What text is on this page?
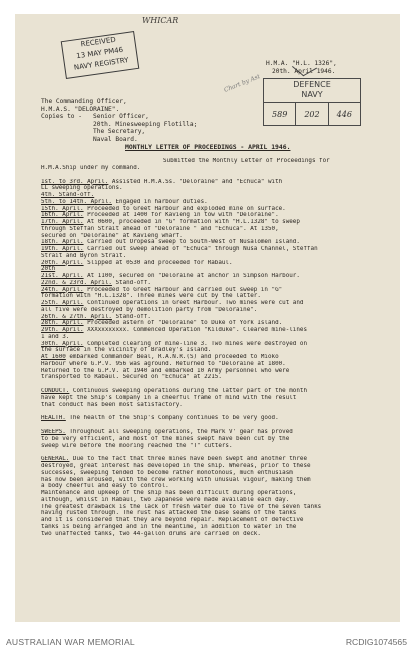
WHICAR
RECEIVED
13 MAY PM46
NAVY REGISTRY	H.M.A. "H.L. 1326",
20th. April 1946.
Chart by Ast	DEFENCE
NAVY
589	202	446
The Commanding Officer,
H.M.A.S. "DELORAINE".
Copies to -	Senior Officer,
20th. Minesweeping Flotilla;
The Secretary,
Naval Board.
MONTHLY LETTER OF PROCEEDINGS - APRIL 1946.

Submitted the Monthly Letter of Proceedings for

H.M.A.Ship under my command.

1st. to 3rd. April. Assisted H.M.A.Ss. "Deloraine" and "Echuca" with

LL sweeping operations.

4th. Stand-off.

5th. to 14th. April. Engaged in harbour duties.

15th. April. Proceeded to Greet Harbour and exploded mine on surface.

16th. April. Proceeded at 1400 for Kavieng in tow with "Deloraine".

17th. April. At 0600, proceeded in "G" formation with "H.L.1328" to sweep

through Steffan Strait ahead of "Deloraine " and "Echuca". At 1350,

secured on "Deloraine" at Kavieng wharf.

18th. April. Carried out Oropesa sweep to South-West of Nusalomen Island.

19th. April. Carried out sweep ahead of "Echuca" through Nusa Channel, Steffan

Strait and Byron Strait.

20th. April. Slipped at 0530 and proceeded for Rabaul.

20th

21st. April. At 1100, secured on "Deloraine at anchor in Simpson Harbour.

22nd. & 23rd. April. Stand-off.

24th. April. Proceeded to Greet Harbour and carried out sweep in "G"

formation with "H.L.1328". Three mines were cut by the latter.

25th. April. Continued operations in Greet Harbour. Two mines were cut and

all five were destroyed by demolition party from "Deloraine".

26th. & 27th. April. Stand-off.

28th. April. Proceeded astern of "Deloraine" to Duke of York Island.

29th. April. XXXxxxxxxxx. Commenced Operation "Kilduke". Cleared mine-lines

1 and 3.

30th. April. Completed clearing of mine-line 3. Two mines were destroyed on

the surface in the vicinity of Bradley's Island.

At 1600 embarked Commander Beal, R.A.N.R.(S) and proceeded to Mioko

Harbour where G.P.V. 956 was aground. Returned to "Deloraine at 1800.

Returned to the G.P.V. at 1940 and embarked 10 Army personnel who were

transported to Rabaul. Secured on "Echuca" at 2215.

CONDUCT. Continuous sweeping operations during the latter part of the month

have kept the Ship's Company in a cheerful frame of mind with the result

that conduct has been most satisfactory.

HEALTH. The health of the Ship's Company continues to be very good.

SWEEPS. Throughout all sweeping operations, the Mark V' gear has proved

to be very efficient, and most of the mines swept have been cut by the

sweep wire before the mooring reached the "T" cutters.

GENERAL. Due to the fact that three mines have been swept and another three

destroyed, great interest has developed in the ship. Whereas, prior to these

successes, sweeping tended to become rather monotonous, much enthusiasm

has now been aroused, with the crew working with unusual vigour, making them

a body cheerful and easy to control.

Maintenance and upkeep of the ship has been difficult during operations,

although, whilst in Rabaul, two Japanese were made available each day.

The greatest drawback is the lack of fresh water due to five of the seven tanks

having rusted through. The rust has attacked the base seams of the tanks

and it is considered that they are beyond repair. Replacement of defective

tanks is being arranged and in the meantime, in addition to water in the

two unaffected tanks, two 44-gallon drums are carried on deck.

AUSTRALIAN WAR MEMORIAL	RCDIG1074565
